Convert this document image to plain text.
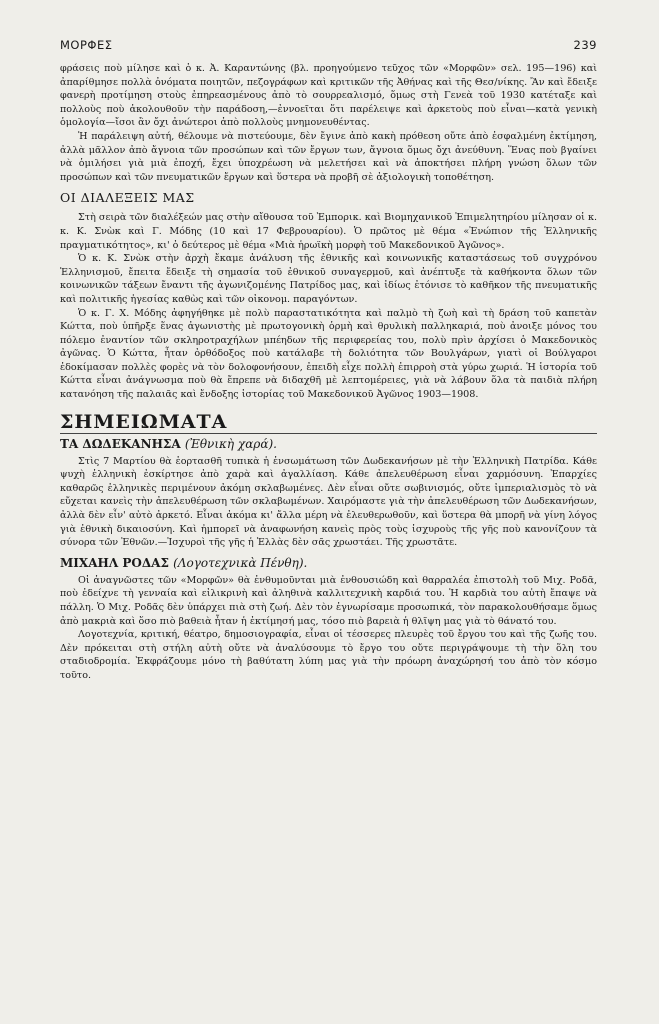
ΜΟΡΦΕΣ	239

φράσεις ποὺ μίλησε καὶ ὁ κ. Ἀ. Καραντώνης (βλ. προηγούμενο τεῦχος τῶν «Μορφῶν» σελ. 195—196) καὶ ἀπαρίθμησε πολλὰ ὀνόματα ποιητῶν, πεζογράφων καὶ κριτικῶν τῆς Ἀθήνας καὶ τῆς Θεσ/νίκης. Ἂν καὶ ἔδειξε φανερὴ προτίμηση στοὺς ἐπηρεασμένους ἀπὸ τὸ σουρρεαλισμό, ὅμως στὴ Γενεὰ τοῦ 1930 κατέταξε καὶ πολλοὺς ποὺ ἀκολουθοῦν τὴν παράδοση,—ἐννοεῖται ὅτι παρέλειψε καὶ ἀρκετοὺς ποὺ εἶναι—κατὰ γενικὴ ὁμολογία—ἴσοι ἂν ὄχι ἀνώτεροι ἀπὸ πολλοὺς μνημονευθέντας.

Ἡ παράλειψη αὐτή, θέλουμε νὰ πιστεύουμε, δὲν ἔγινε ἀπὸ κακὴ πρόθεση οὔτε ἀπὸ ἐσφαλμένη ἐκτίμηση, ἀλλὰ μᾶλλον ἀπὸ ἄγνοια τῶν προσώπων καὶ τῶν ἔργων των, ἄγνοια ὅμως ὄχι ἀνεύθυνη. Ἕνας ποὺ βγαίνει νὰ ὁμιλήσει γιὰ μιὰ ἐποχή, ἔχει ὑποχρέωση νὰ μελετήσει καὶ νὰ ἀποκτήσει πλήρη γνώση ὅλων τῶν προσώπων καὶ τῶν πνευματικῶν ἔργων καὶ ὕστερα νὰ προβῆ σὲ ἀξιολογικὴ τοποθέτηση.

ΟΙ ΔΙΑΛΕΞΕΙΣ ΜΑΣ

Στὴ σειρὰ τῶν διαλέξεών μας στὴν αἴθουσα τοῦ Ἐμπορικ. καὶ Βιομηχανικοῦ Ἐπιμελητηρίου μίλησαν οἱ κ. κ. Κ. Σνὼκ καὶ Γ. Μόδης (10 καὶ 17 Φεβρουαρίου). Ὁ πρῶτος μὲ θέμα «Ἐνώπιον τῆς Ἑλληνικῆς πραγματικότητος», κι' ὁ δεύτερος μὲ θέμα «Μιὰ ἡρωϊκὴ μορφὴ τοῦ Μακεδονικοῦ Ἀγῶνος».

Ὁ κ. Κ. Σνὼκ στὴν ἀρχὴ ἔκαμε ἀνάλυση τῆς ἐθνικῆς καὶ κοινωνικῆς καταστάσεως τοῦ συγχρόνου Ἑλληνισμοῦ, ἔπειτα ἔδειξε τὴ σημασία τοῦ ἐθνικοῦ συναγερμοῦ, καὶ ἀνέπτυξε τὰ καθήκοντα ὅλων τῶν κοινωνικῶν τάξεων ἔναντι τῆς ἀγωνιζομένης Πατρίδος μας, καὶ ἰδίως ἐτόνισε τὸ καθῆκον τῆς πνευματικῆς καὶ πολιτικῆς ἡγεσίας καθὼς καὶ τῶν οἰκονομ. παραγόντων.

Ὁ κ. Γ. Χ. Μόδης ἀφηγήθηκε μὲ πολὺ παραστατικότητα καὶ παλμὸ τὴ ζωὴ καὶ τὴ δράση τοῦ καπετὰν Κώττα, ποὺ ὑπῆρξε ἕνας ἀγωνιστὴς μὲ πρωτογονικὴ ὁρμὴ καὶ θρυλικὴ παλληκαριά, ποὺ ἀνοιξε μόνος του πόλεμο ἐναντίον τῶν σκληροτραχήλων μπέηδων τῆς περιφερείας του, πολὺ πρὶν ἀρχίσει ὁ Μακεδονικὸς ἀγῶνας. Ὁ Κώττα, ἦταν ὀρθόδοξος ποὺ κατάλαβε τὴ δολιότητα τῶν Βουλγάρων, γιατὶ οἱ Βούλγαροι ἐδοκίμασαν πολλὲς φορὲς νὰ τὸν δολοφονήσουν, ἐπειδὴ εἶχε πολλὴ ἐπιρροὴ στὰ γύρω χωριά. Ἡ ἱστορία τοῦ Κώττα εἶναι ἀνάγνωσμα ποὺ θὰ ἔπρεπε νὰ διδαχθῆ μὲ λεπτομέρειες, γιὰ νὰ λάβουν ὅλα τὰ παιδιὰ πλήρη κατανόηση τῆς παλαιᾶς καὶ ἔνδοξης ἱστορίας τοῦ Μακεδονικοῦ Ἀγῶνος 1903—1908.

ΣΗΜΕΙΩΜΑΤΑ
ΤΑ ΔΩΔΕΚΑΝΗΣΑ (Ἐθνικὴ χαρά).

Στὶς 7 Μαρτίου θὰ ἑορτασθῆ τυπικὰ ἡ ἐνσωμάτωση τῶν Δωδεκανήσων μὲ τὴν Ἑλληνικὴ Πατρίδα. Κάθε ψυχὴ ἑλληνικὴ ἐσκίρτησε ἀπὸ χαρὰ καὶ ἀγαλλίαση. Κάθε ἀπελευθέρωση εἶναι χαρμόσυνη. Ἐπαρχίες καθαρῶς ἑλληνικὲς περιμένουν ἀκόμη σκλαβωμένες. Δὲν εἶναι οὔτε σωβινισμός, οὔτε ἰμπεριαλισμὸς τὸ νὰ εὔχεται κανεὶς τὴν ἀπελευθέρωση τῶν σκλαβωμένων. Χαιρόμαστε γιὰ τὴν ἀπελευθέρωση τῶν Δωδεκανήσων, ἀλλὰ δὲν εἶν' αὐτὸ ἀρκετό. Εἶναι ἀκόμα κι' ἄλλα μέρη νὰ ἐλευθερωθοῦν, καὶ ὕστερα θὰ μπορῆ νὰ γίνη λόγος γιὰ ἐθνικὴ δικαιοσύνη. Καὶ ἠμπορεῖ νὰ ἀναφωνήση κανεὶς πρὸς τοὺς ἰσχυροὺς τῆς γῆς ποὺ κανονίζουν τὰ σύνορα τῶν Ἐθνῶν.—Ἰσχυροὶ τῆς γῆς ἡ Ἑλλὰς δὲν σᾶς χρωστάει. Τῆς χρωστᾶτε.

ΜΙΧΑΗΛ ΡΟΔΑΣ (Λογοτεχνικὰ Πένθη).

Οἱ ἀναγνῶστες τῶν «Μορφῶν» θὰ ἐνθυμοῦνται μιὰ ἐνθουσιώδη καὶ θαρραλέα ἐπιστολὴ τοῦ Μιχ. Ροδᾶ, ποὺ ἐδείχνε τὴ γενναία καὶ εἰλικρινὴ καὶ ἀληθινὰ καλλιτεχνικὴ καρδιά του. Ἡ καρδιὰ του αὐτὴ ἔπαψε νὰ πάλλη. Ὁ Μιχ. Ροδᾶς δὲν ὑπάρχει πιὰ στὴ ζωή. Δὲν τὸν ἐγνωρίσαμε προσωπικά, τὸν παρακολουθήσαμε ὅμως ἀπὸ μακριὰ καὶ ὅσο πιὸ βαθειὰ ἦταν ἡ ἐκτίμησή μας, τόσο πιὸ βαρειὰ ἡ θλῖψη μας γιὰ τὸ θάνατό του.

Λογοτεχνία, κριτική, θέατρο, δημοσιογραφία, εἶναι οἱ τέσσερες πλευρὲς τοῦ ἔργου του καὶ τῆς ζωῆς του. Δὲν πρόκειται στὴ στήλη αὐτὴ οὔτε νὰ ἀναλύσουμε τὸ ἔργο του οὔτε περιγράψουμε τὴ τὴν ὅλη του σταδιοδρομία. Ἐκφράζουμε μόνο τὴ βαθύτατη λύπη μας γιὰ τὴν πρόωρη ἀναχώρησή του ἀπὸ τὸν κόσμο τοῦτο.
